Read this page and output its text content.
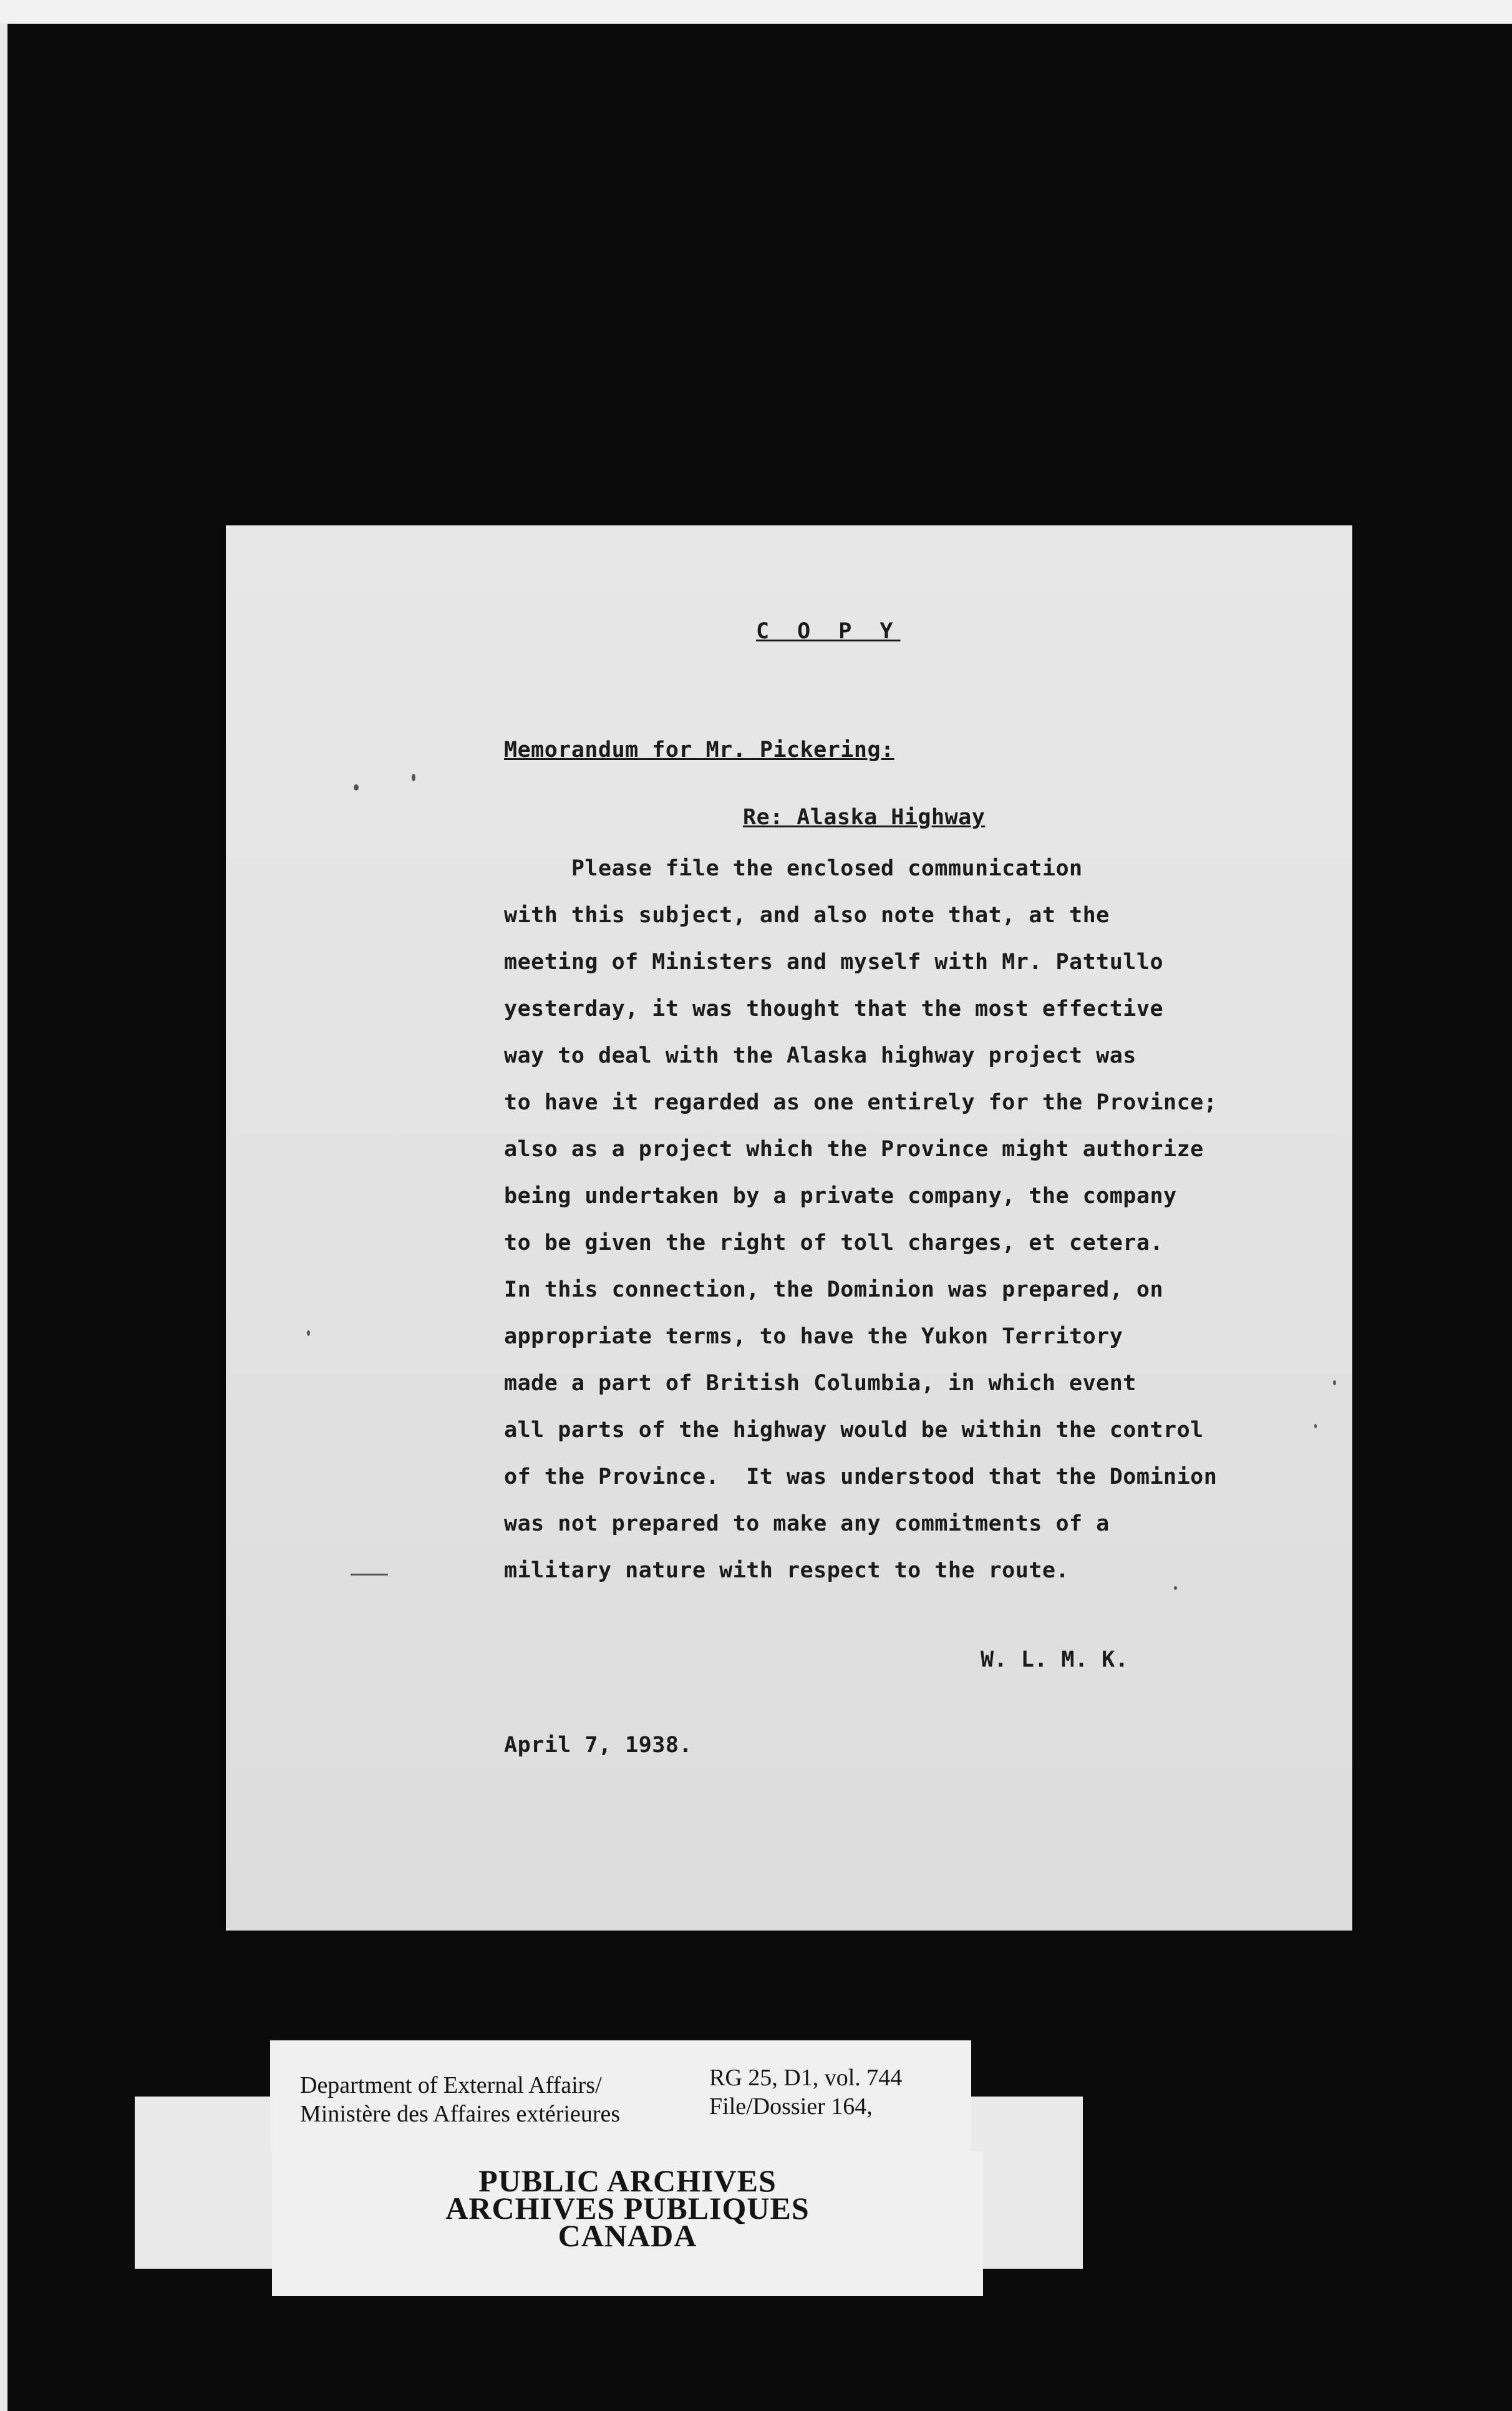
C O P Y
Memorandum for Mr. Pickering:
Re: Alaska Highway
Please file the enclosed communication
with this subject, and also note that, at the
meeting of Ministers and myself with Mr. Pattullo
yesterday, it was thought that the most effective
way to deal with the Alaska highway project was
to have it regarded as one entirely for the Province;
also as a project which the Province might authorize
being undertaken by a private company, the company
to be given the right of toll charges, et cetera.
In this connection, the Dominion was prepared, on
appropriate terms, to have the Yukon Territory
made a part of British Columbia, in which event
all parts of the highway would be within the control
of the Province.  It was understood that the Dominion
was not prepared to make any commitments of a
military nature with respect to the route.
W. L. M. K.
April 7, 1938.
PUBLIC ARCHIVES
ARCHIVES PUBLIQUES
CANADA
Department of External Affairs/
Ministère des Affaires extérieures
RG 25, D1, vol. 744
File/Dossier 164,
